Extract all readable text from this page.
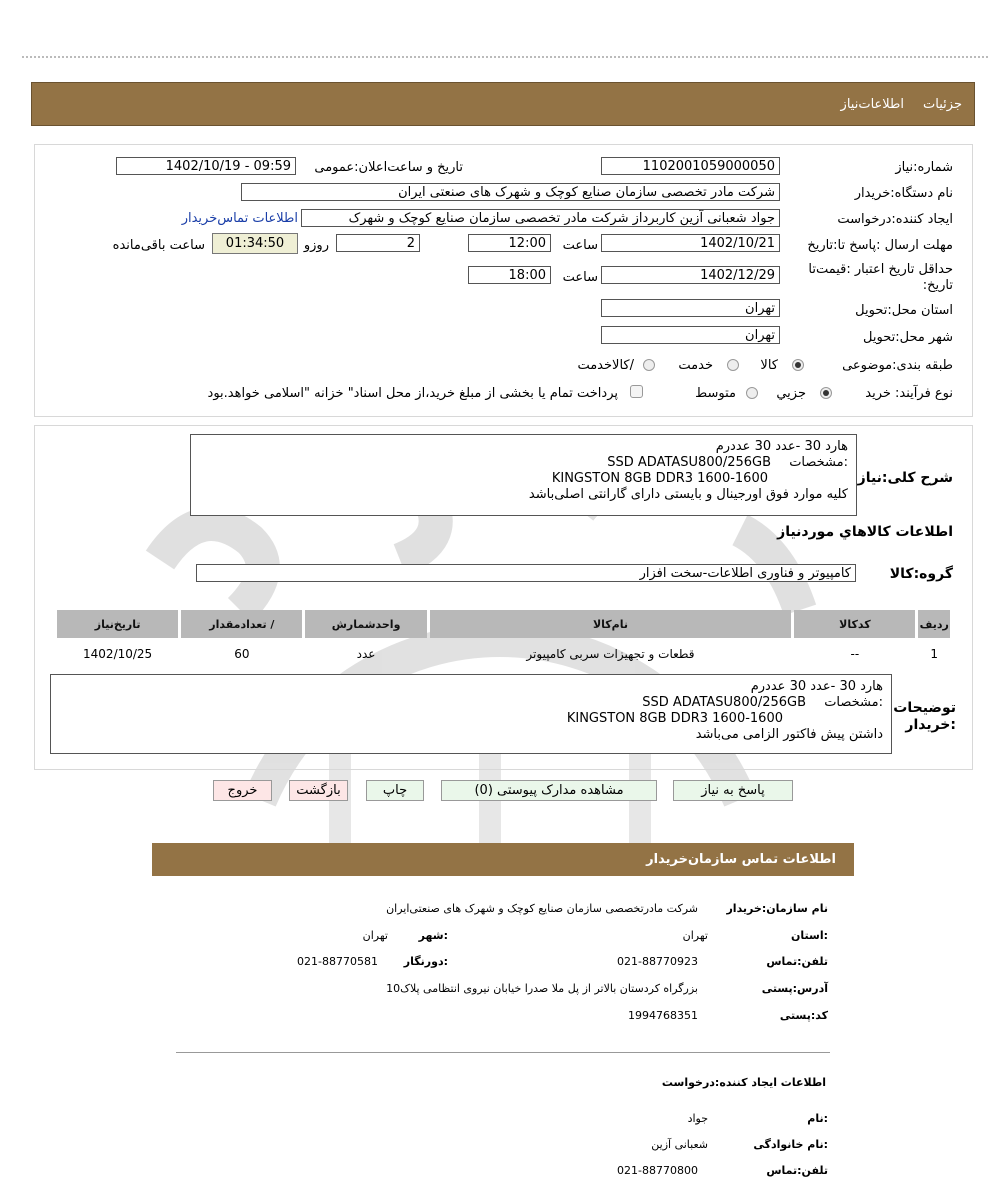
جزئیات
اطلاعات‌نیاز
شماره:نیاز
1102001059000050
تاریخ و ساعت‌اعلان:عمومی
1402/10/19 - 09:59
نام دستگاه:خریدار
شرکت مادر تخصصی سازمان صنایع کوچک و شهرک های صنعتی ایران
ایجاد کننده:درخواست
جواد شعبانی آزین کاربرداز شرکت مادر تخصصی سازمان صنایع کوچک و شهرک
اطلاعات تماس‌خریدار
مهلت ارسال :پاسخ تا:تاریخ
1402/10/21
ساعت
12:00
2
روزو
01:34:50
ساعت باقی‌مانده
حداقل تاریخ اعتبار :قیمت‌تا
تاریخ:
1402/12/29
ساعت
18:00
استان محل:تحویل
تهران
شهر محل:تحویل
تهران
طبقه بندی:موضوعی
کالا
خدمت
/کالاخدمت
نوع فرآیند: خرید
جزیي
متوسط
پرداخت تمام یا بخشی از مبلغ خرید،از محل اسناد" خزانه "اسلامی خواهد.بود
شرح کلی:نیاز
هارد 30 -عدد 30 عددرم
:مشخصات SSD ADATASU800/256GB
KINGSTON 8GB DDR3 1600-1600
کلیه موارد فوق اورجینال و بایستی دارای گارانتی اصلی‌باشد
اطلاعات کالاهاي موردنیاز
گروه:کالا
کامپیوتر و فناوری اطلاعات-سخت افزار
ردیف	کدکالا	نام‌کالا	واحدشمارش	/ تعدادمقدار	تاریخ‌نیاز
1	--	قطعات و تجهیزات سربی کامپیوتر	عدد	60	1402/10/25
توضیحات
:خریدار
هارد 30 -عدد 30 عددرم
:مشخصات SSD ADATASU800/256GB
KINGSTON 8GB DDR3 1600-1600
داشتن پیش فاکتور الزامی می‌باشد
پاسخ به نیاز
مشاهده مدارک پیوستی (0)
چاپ
بازگشت
خروج
اطلاعات تماس سازمان‌خریدار
نام سازمان:خریدار
شرکت مادرتخصصی سازمان صنایع کوچک و شهرک های صنعتی‌ایران
:استان
تهران
:شهر
تهران
تلفن:تماس
021-88770923
:دورنگار
021-88770581
آدرس:پستی
بزرگراه کردستان بالاتر از پل ملا صدرا خیابان نیروی انتظامی پلاک10
کد:پستی
1994768351
اطلاعات ایجاد کننده:درخواست
:نام
جواد
:نام خانوادگی
شعبانی آزین
تلفن:تماس
021-88770800
